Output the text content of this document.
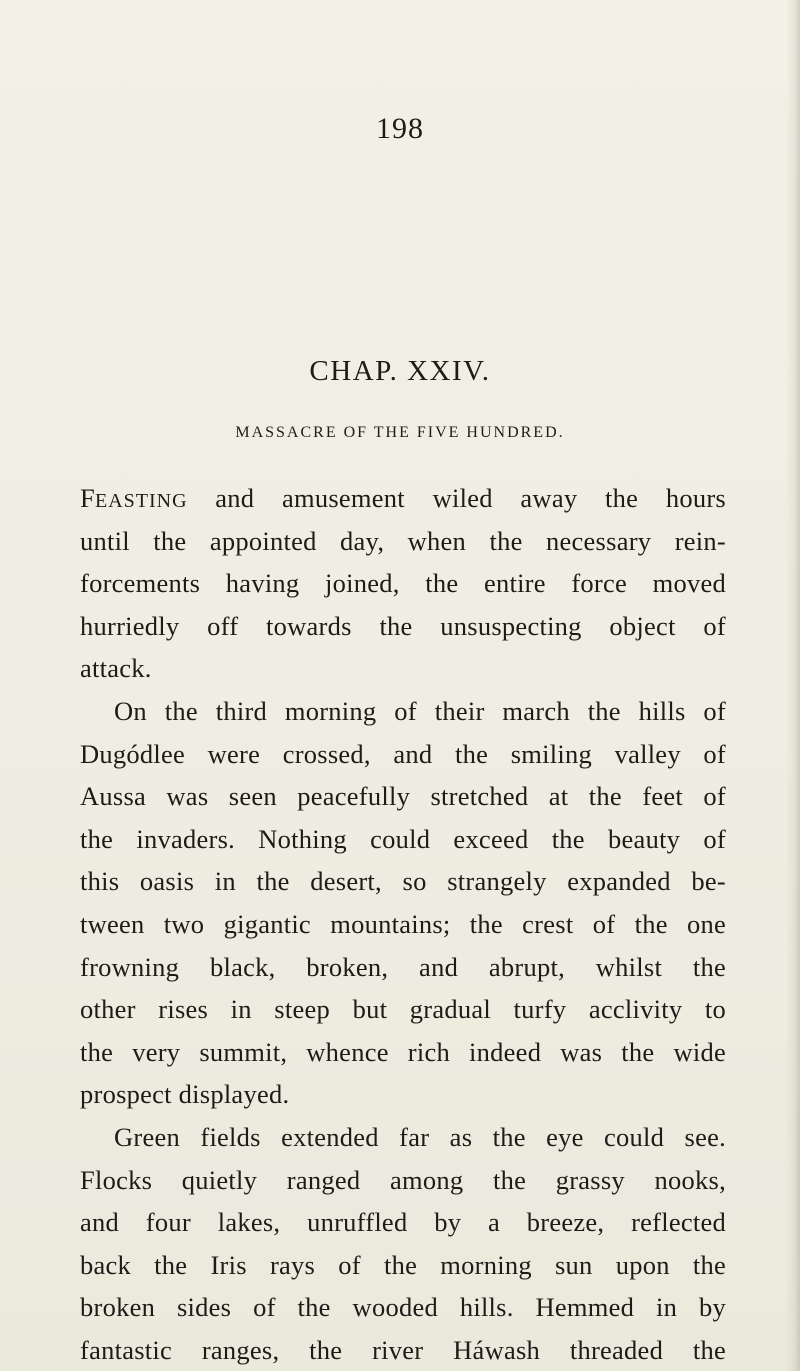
198
CHAP. XXIV.
MASSACRE OF THE FIVE HUNDRED.
FEASTING and amusement wiled away the hours
until the appointed day, when the necessary rein-
forcements having joined, the entire force moved
hurriedly off towards the unsuspecting object of
attack.
On the third morning of their march the hills of
Dugódlee were crossed, and the smiling valley of
Aussa was seen peacefully stretched at the feet of
the invaders. Nothing could exceed the beauty of
this oasis in the desert, so strangely expanded be-
tween two gigantic mountains; the crest of the one
frowning black, broken, and abrupt, whilst the
other rises in steep but gradual turfy acclivity to
the very summit, whence rich indeed was the wide
prospect displayed.
Green fields extended far as the eye could see.
Flocks quietly ranged among the grassy nooks,
and four lakes, unruffled by a breeze, reflected
back the Iris rays of the morning sun upon the
broken sides of the wooded hills. Hemmed in by
fantastic ranges, the river Háwash threaded the
